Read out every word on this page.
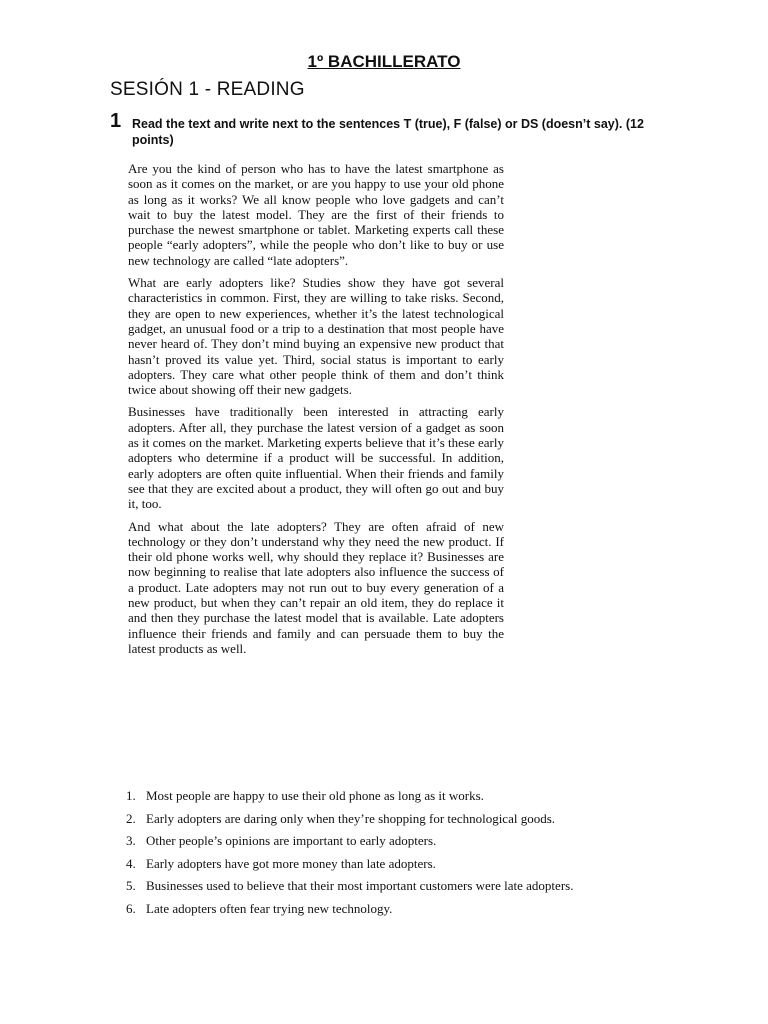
1º BACHILLERATO
SESIÓN 1 - READING
1 Read the text and write next to the sentences T (true), F (false) or DS (doesn’t say). (12 points)

Are you the kind of person who has to have the latest smartphone as soon as it comes on the market, or are you happy to use your old phone as long as it works? We all know people who love gadgets and can’t wait to buy the latest model. They are the first of their friends to purchase the newest smartphone or tablet. Marketing experts call these people “early adopters”, while the people who don’t like to buy or use new technology are called “late adopters”.

What are early adopters like? Studies show they have got several characteristics in common. First, they are willing to take risks. Second, they are open to new experiences, whether it’s the latest technological gadget, an unusual food or a trip to a destination that most people have never heard of. They don’t mind buying an expensive new product that hasn’t proved its value yet. Third, social status is important to early adopters. They care what other people think of them and don’t think twice about showing off their new gadgets.

Businesses have traditionally been interested in attracting early adopters. After all, they purchase the latest version of a gadget as soon as it comes on the market. Marketing experts believe that it’s these early adopters who determine if a product will be successful. In addition, early adopters are often quite influential. When their friends and family see that they are excited about a product, they will often go out and buy it, too.

And what about the late adopters? They are often afraid of new technology or they don’t understand why they need the new product. If their old phone works well, why should they replace it? Businesses are now beginning to realise that late adopters also influence the success of a product. Late adopters may not run out to buy every generation of a new product, but when they can’t repair an old item, they do replace it and then they purchase the latest model that is available. Late adopters influence their friends and family and can persuade them to buy the latest products as well.

1. Most people are happy to use their old phone as long as it works.
2. Early adopters are daring only when they’re shopping for technological goods.
3. Other people’s opinions are important to early adopters.
4. Early adopters have got more money than late adopters.
5. Businesses used to believe that their most important customers were late adopters.
6. Late adopters often fear trying new technology.
